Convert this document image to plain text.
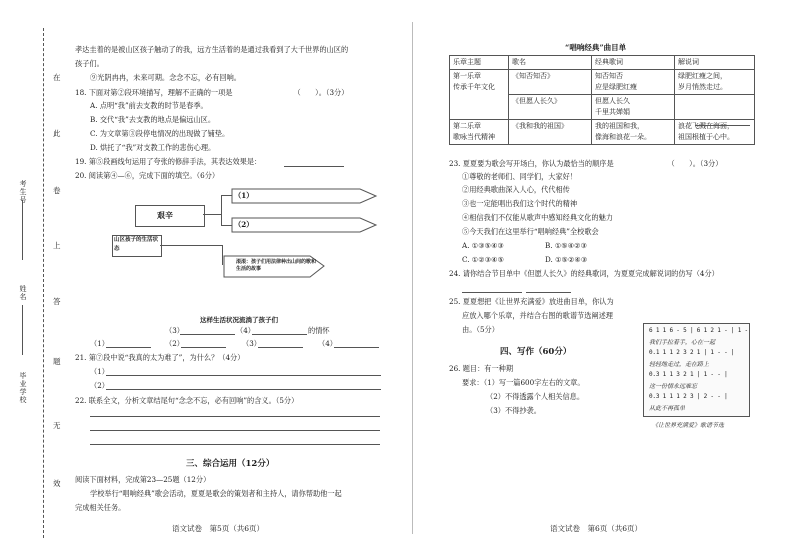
在
此
卷
上
答
题
无
效
考生号
姓名
毕业学校
孝达圭着的是被山区孩子触动了的我，远方生活着的是通过我看到了大千世界的山区的
孩子们。
⑨光阴冉冉，未来可期。念念不忘，必有回响。
18. 下面对第②段环境描写，理解不正确的一项是　　　　　　　　　（　　）。（3分）
A. 点明“我”前去支教的时节是春季。
B. 交代“我”去支教的地点是偏远山区。
C. 为文章第③段停电情况的出现做了铺垫。
D. 烘托了“我”对支教工作的悲伤心理。
19. 第⑤段画线句运用了夸张的修辞手法，其表达效果是：
20. 阅读第④—⑥，完成下面的填空。（6分）
艰辛
（1）
（2）
山区孩子的生活状态
滚滚：孩子们用法律种出山间的歌和生活的故事
这样生活状况流淌了孩子们
（3）	（4）	的情怀
（1）	（2）	（3）	（4）
21. 第⑦段中说“我真的太为难了”，为什么？（4分）
（1）
（2）
22. 联系全文，分析文章结尾句“念念不忘，必有回响”的含义。（5分）
三、综合运用（12分）
阅读下面材料，完成第23—25题（12分）
学校举行“唱响经典”歌会活动，夏夏是歌会的策划者和主持人，请你帮助他一起
完成相关任务。
语文试卷　第5页（共6页）
“唱响经典”曲目单
乐章主题	歌名	经典歌词	解说词
第一乐章
传承千年文化	《知否知否》	知否知否
应是绿肥红瘦	绿肥红瘦之间，
岁月悄然走过。
	《但愿人长久》	但愿人长久
千里共婵娟	
第二乐章
歌咏当代精神	《我和我的祖国》	我的祖国和我，
像海和浪花一朵。	浪花飞溅在海面，
祖国根植于心中。
23. 夏夏要为歌会写开场白，你认为最恰当的顺序是　　　　　　　　（　　）。（3分）
①尊敬的老师们、同学们，大家好！
②用经典歌曲深入人心，代代相传
③也一定能唱出我们这个时代的精神
④相信我们不仅能从歌声中感知经典文化的魅力
⑤今天我们在这里举行“唱响经典”全校歌会
A. ①③⑤④③	B. ①⑤④②③
C. ①②③④⑤	D. ①⑤②④③
24. 请你结合节目单中《但愿人长久》的经典歌词，为夏夏完成解说词的仿写（4分）
25. 夏夏想把《让世界充满爱》放进曲目单，你认为
应放入哪个乐章，并结合右图的歌谱节选阐述理
由。（5分）
四、写作（60分）
26. 题目：有一种期
要求：（1）写一篇600字左右的文章。
（2）不得透露个人相关信息。
（3）不得抄袭。
6 1 1 6 - 5 | 6 1 2 1 - | 1 -
我们手拉着手，心在一起
0.1 1 1 2 3 2 1 | 1 - - |
轻轻地走过，走在路上
0.3 1 1 3 2 1 | 1 - - |
这一份情永远难忘
0.3 1 1 1 2 3 | 2 - - |
从此不再孤单
《让世界充满爱》歌谱节选
语文试卷　第6页（共6页）
